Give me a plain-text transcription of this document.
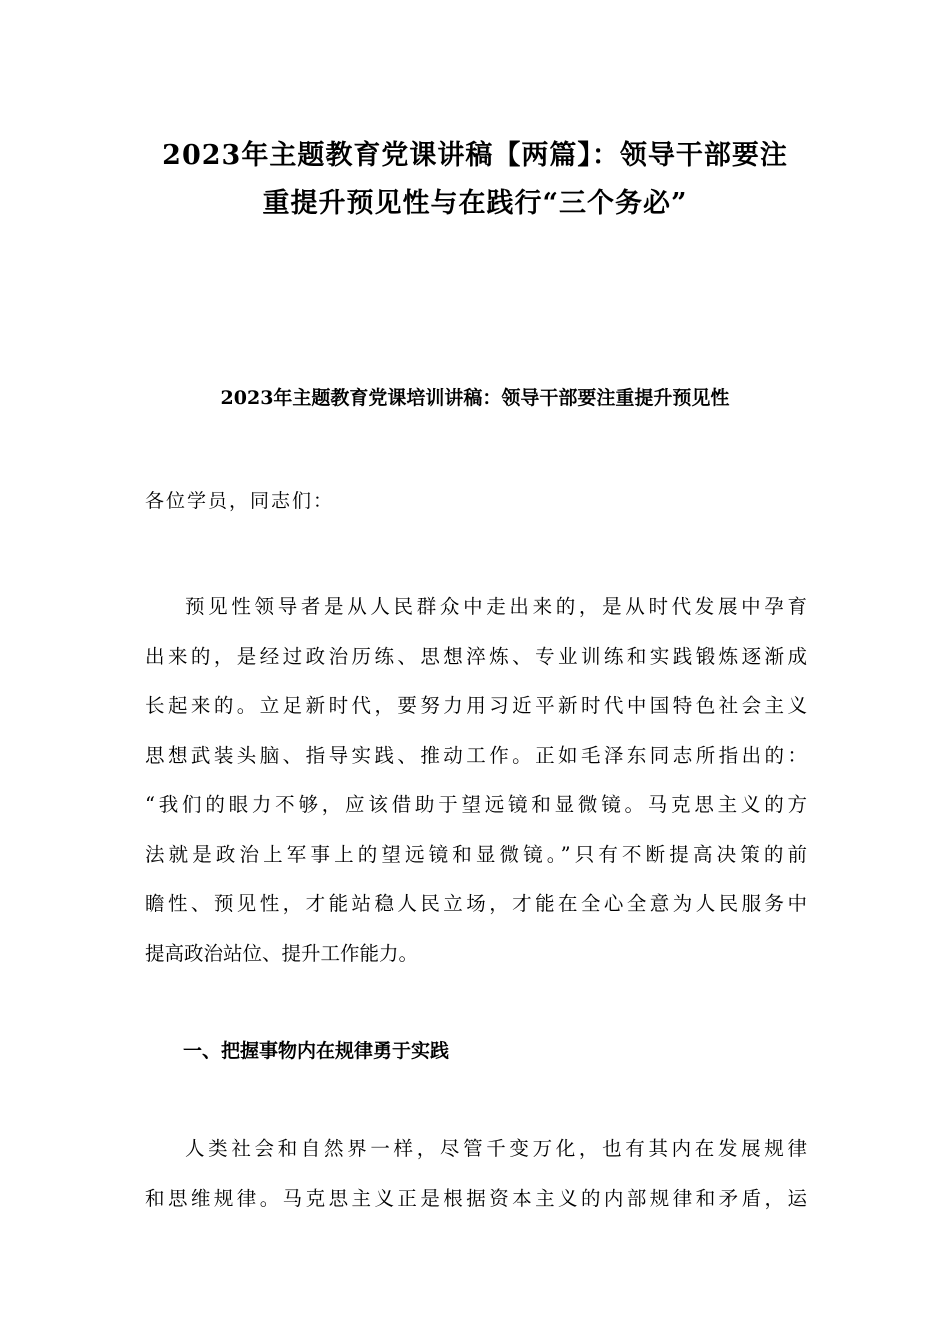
2023年主题教育党课讲稿【两篇】：领导干部要注
重提升预见性与在践行“三个务必”
2023年主题教育党课培训讲稿：领导干部要注重提升预见性
各位学员，同志们：
预见性领导者是从人民群众中走出来的，是从时代发展中孕育
出来的，是经过政治历练、思想淬炼、专业训练和实践锻炼逐渐成
长起来的。立足新时代，要努力用习近平新时代中国特色社会主义
思想武装头脑、指导实践、推动工作。正如毛泽东同志所指出的：
“我们的眼力不够，应该借助于望远镜和显微镜。马克思主义的方
法就是政治上军事上的望远镜和显微镜。”只有不断提高决策的前
瞻性、预见性，才能站稳人民立场，才能在全心全意为人民服务中
提高政治站位、提升工作能力。
一、把握事物内在规律勇于实践
人类社会和自然界一样，尽管千变万化，也有其内在发展规律
和思维规律。马克思主义正是根据资本主义的内部规律和矛盾，运
